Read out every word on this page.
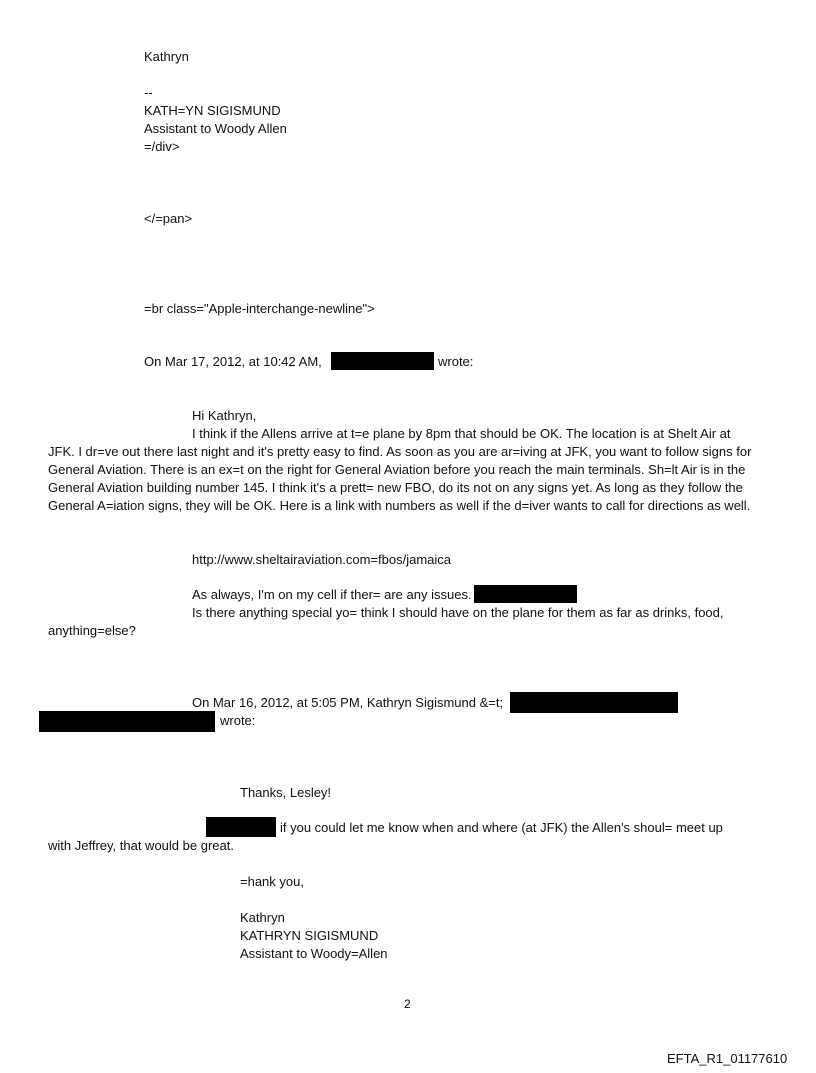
Kathryn
--
KATH=YN SIGISMUND
Assistant to Woody Allen
=/div>
</=pan>
=br class="Apple-interchange-newline">
On Mar 17, 2012, at 10:42 AM,	wrote:
Hi Kathryn,
I think if the Allens arrive at t=e plane by 8pm that should be OK. The location is at Shelt Air at
JFK. I dr=ve out there last night and it's pretty easy to find. As soon as you are ar=iving at JFK, you want to follow signs for General Aviation. There is an ex=t on the right for General Aviation before you reach the main terminals. Sh=lt Air is in the General Aviation building number 145. I think it's a prett= new FBO, do its not on any signs yet. As long as they follow the General A=iation signs, they will be OK. Here is a link with numbers as well if the d=iver wants to call for directions as well.
http://www.sheltairaviation.com=fbos/jamaica
As always, I'm on my cell if ther= are any issues.
Is there anything special yo= think I should have on the plane for them as far as drinks, food,
anything=else?
On Mar 16, 2012, at 5:05 PM, Kathryn Sigismund &=t;
wrote:
Thanks, Lesley!
if you could let me know when and where (at JFK) the Allen's shoul= meet up
with Jeffrey, that would be great.
=hank you,
Kathryn
KATHRYN SIGISMUND
Assistant to Woody=Allen
2
EFTA_R1_01177610
